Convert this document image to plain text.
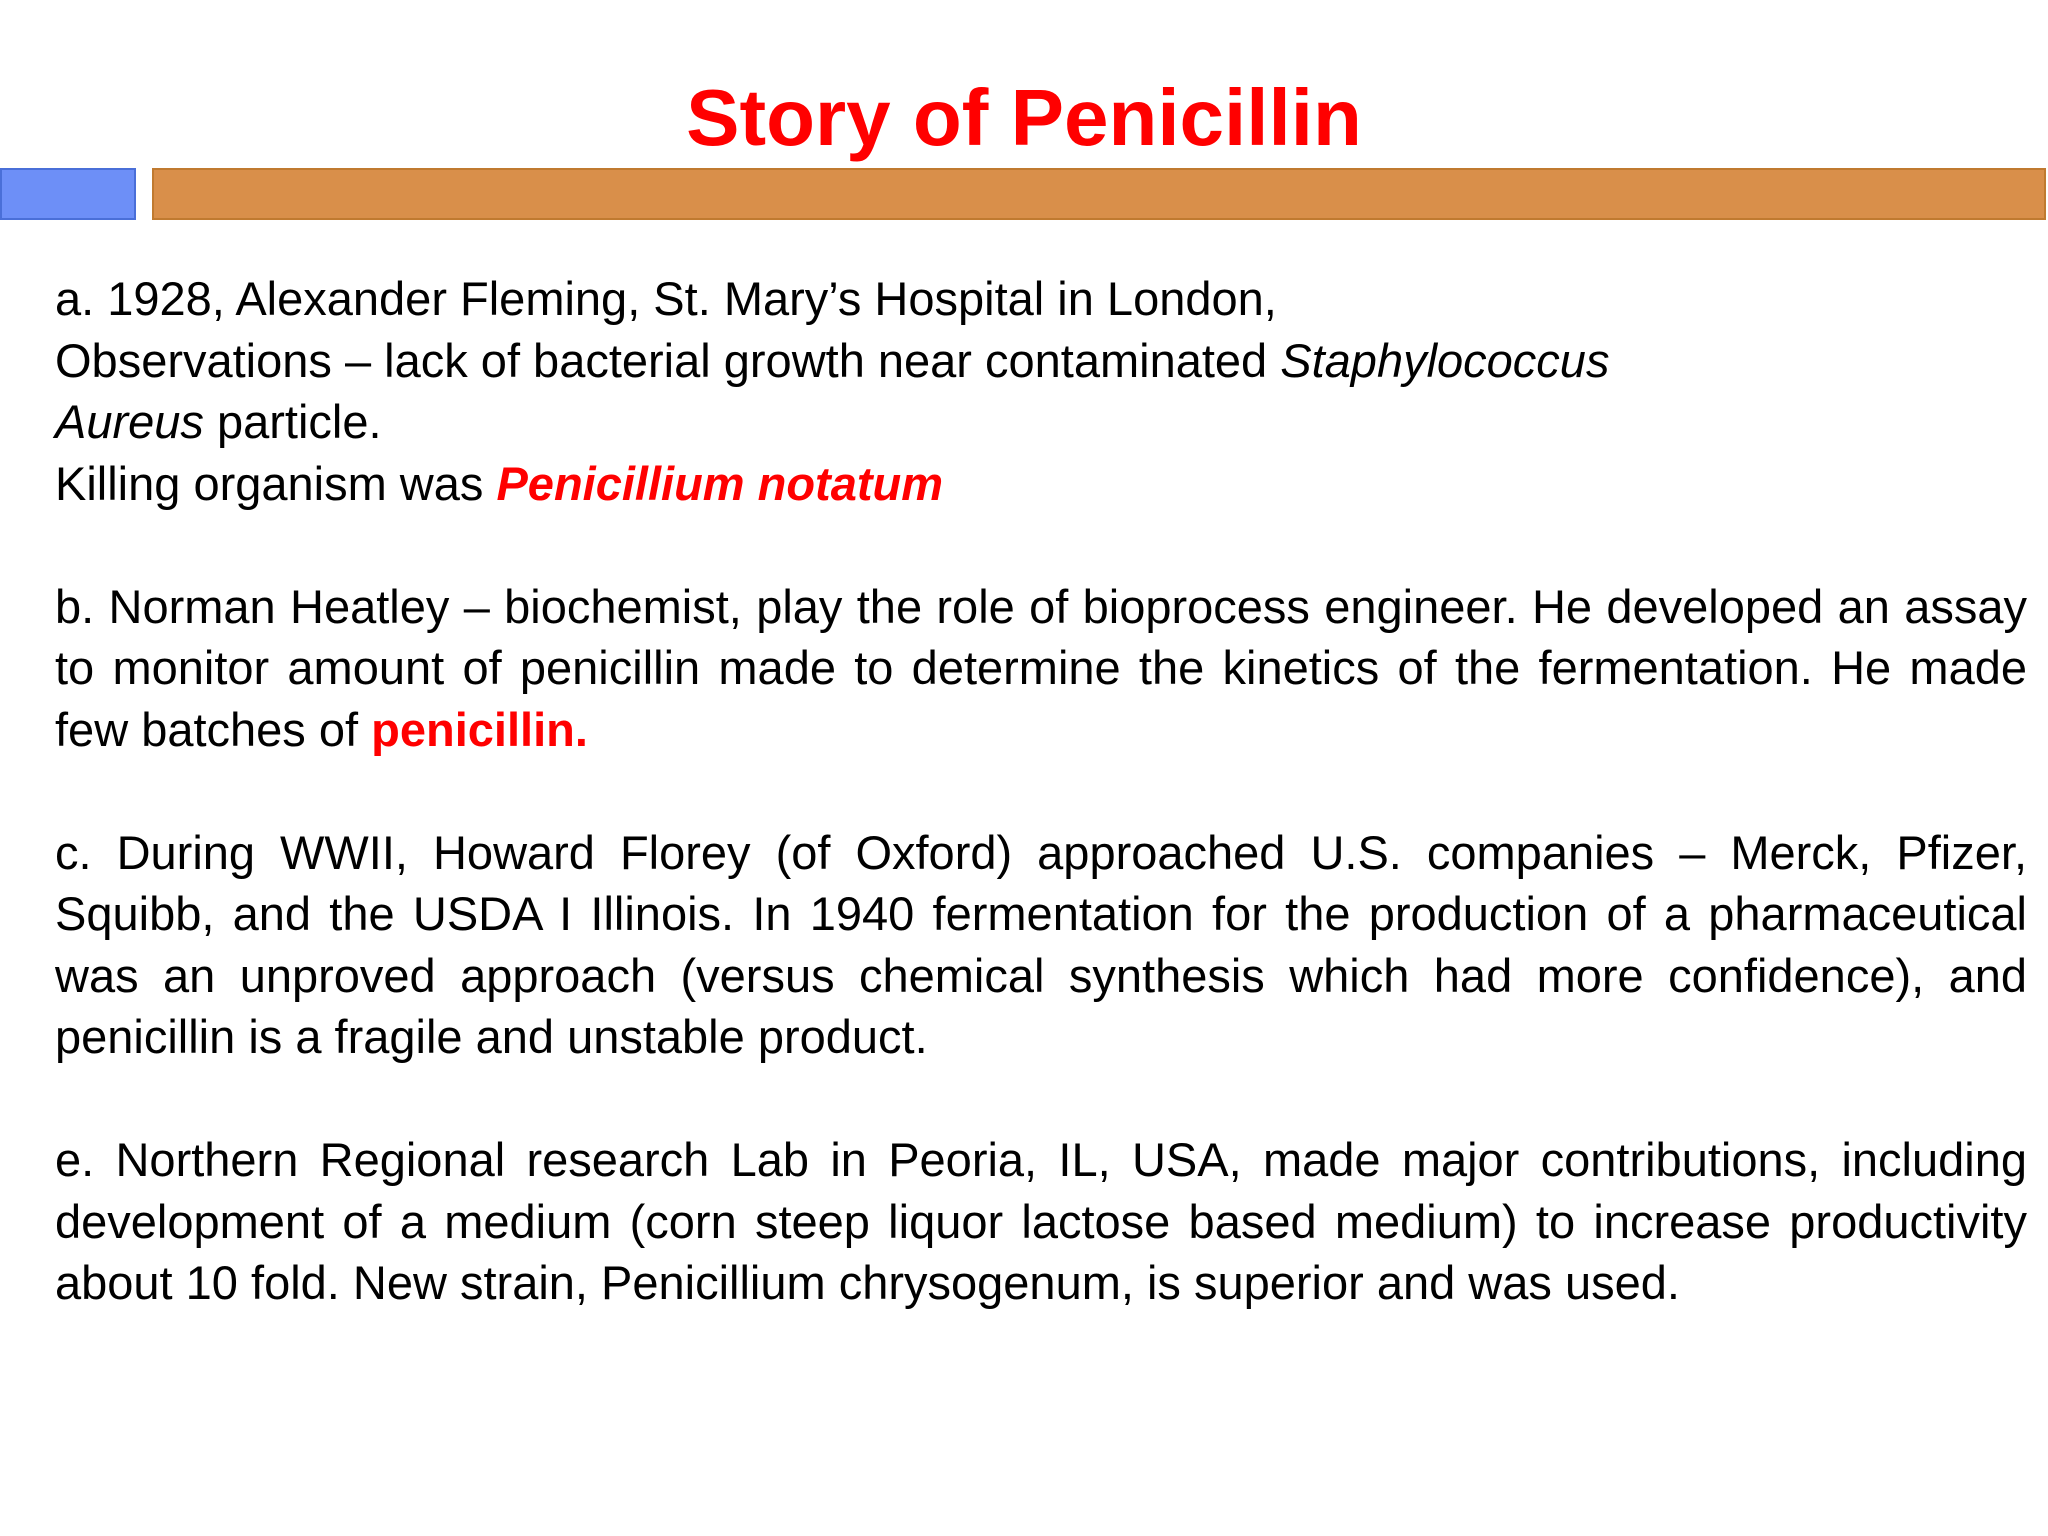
Story of Penicillin

a. 1928, Alexander Fleming, St. Mary’s Hospital in London,
Observations – lack of bacterial growth near contaminated Staphylococcus
Aureus particle.
Killing organism was Penicillium notatum

b. Norman Heatley – biochemist, play the role of bioprocess engineer. He developed an assay to monitor amount of penicillin made to determine the kinetics of the fermentation. He made few batches of penicillin.

c. During WWII, Howard Florey (of Oxford) approached U.S. companies – Merck, Pfizer, Squibb, and the USDA I Illinois. In 1940 fermentation for the production of a pharmaceutical was an unproved approach (versus chemical synthesis which had more confidence), and penicillin is a fragile and unstable product.

e. Northern Regional research Lab in Peoria, IL, USA, made major contributions, including development of a medium (corn steep liquor lactose based medium) to increase productivity about 10 fold. New strain, Penicillium chrysogenum, is superior and was used.
